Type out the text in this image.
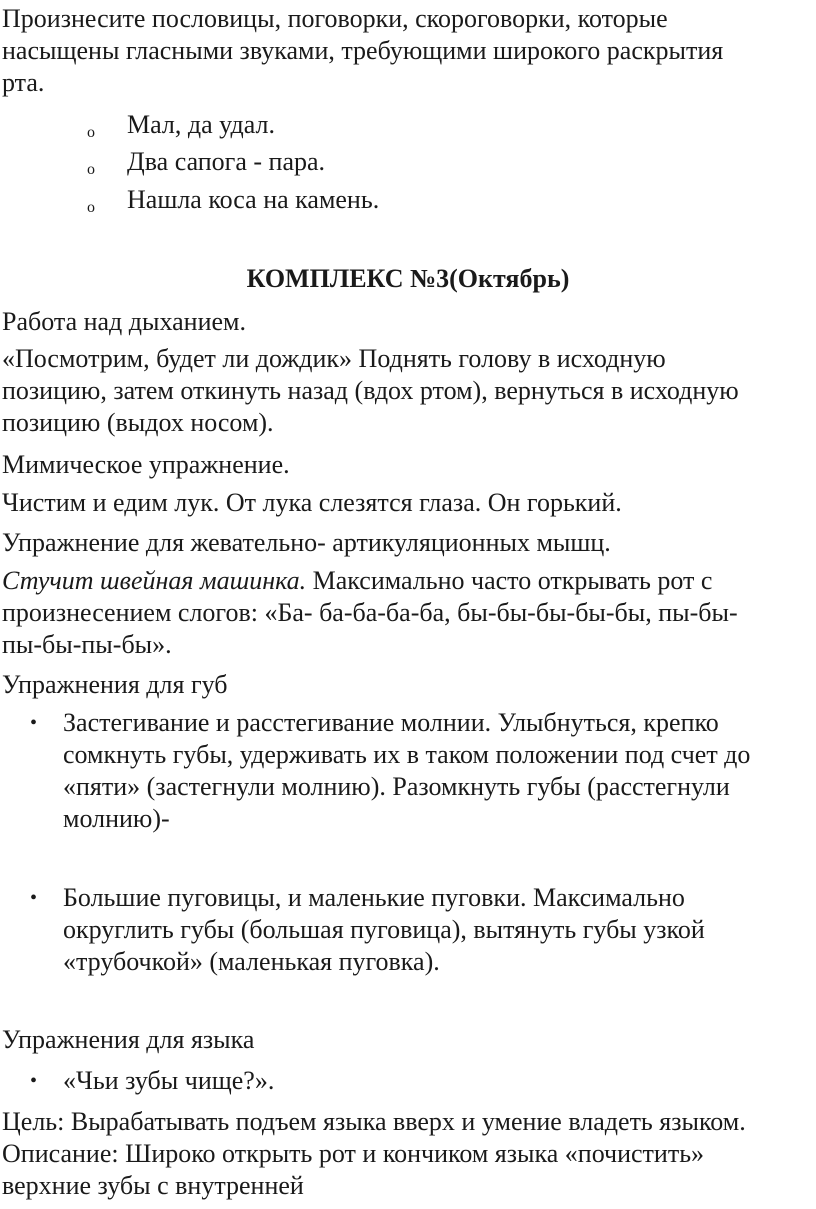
Произнесите пословицы, поговорки, скороговорки, которые
насыщены гласными звуками, требующими широкого раскрытия
рта.

o Мал, да удал.
o Два сапога - пара.
o Нашла коса на камень.
КОМПЛЕКС №3(Октябрь)

Работа над дыханием.

«Посмотрим, будет ли дождик» Поднять голову в исходную
позицию, затем откинуть назад (вдох ртом), вернуться в исходную
позицию (выдох носом).

Мимическое упражнение.

Чистим и едим лук. От лука слезятся глаза. Он горький.

Упражнение для жевательно- артикуляционных мышц.

Стучит швейная машинка. Максимально часто открывать рот с
произнесением слогов: «Ба- ба-ба-ба-ба, бы-бы-бы-бы-бы, пы-бы-
пы-бы-пы-бы».

Упражнения для губ

• Застегивание и расстегивание молнии. Улыбнуться, крепко
сомкнуть губы, удерживать их в таком положении под счет до
«пяти» (застегнули молнию). Разомкнуть губы (расстегнули
молнию)-
• Большие пуговицы, и маленькие пуговки. Максимально
округлить губы (большая пуговица), вытянуть губы узкой
«трубочкой» (маленькая пуговка).

Упражнения для языка

• «Чьи зубы чище?».

Цель: Вырабатывать подъем языка вверх и умение владеть языком.
Описание: Широко открыть рот и кончиком языка «почистить»
верхние зубы с внутренней
